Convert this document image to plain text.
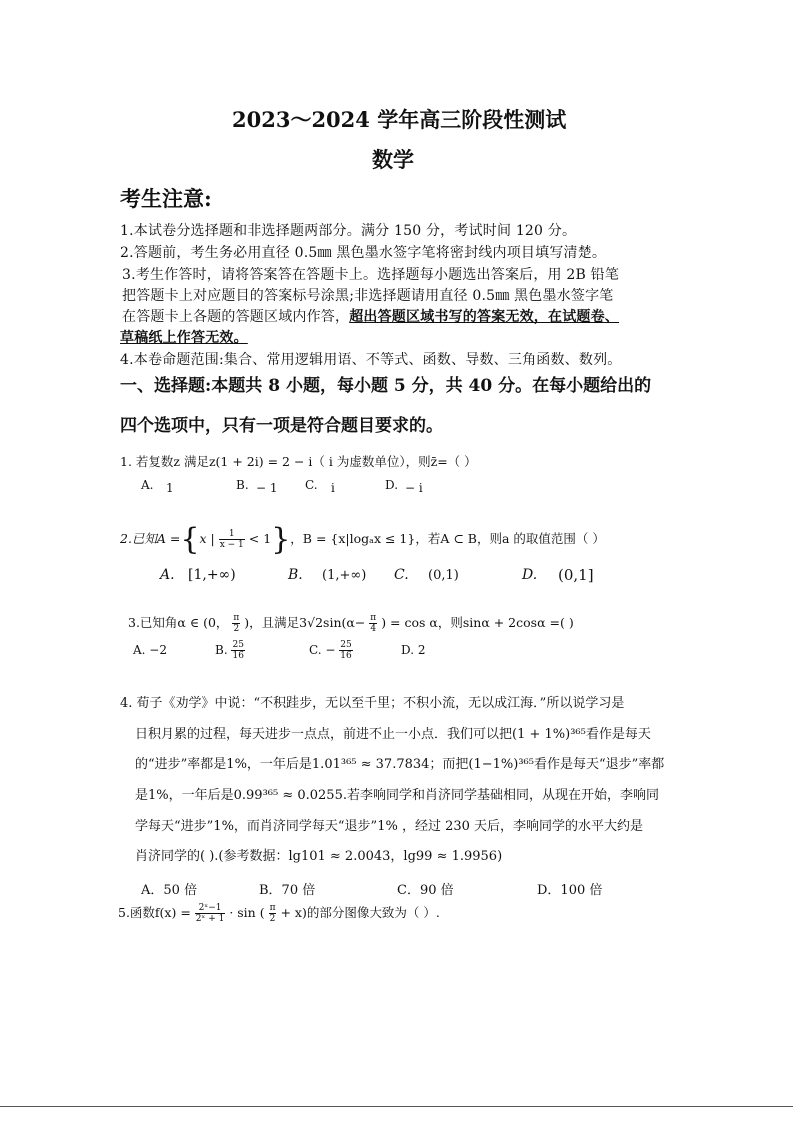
2023～2024 学年高三阶段性测试
数学
考生注意:
1.本试卷分选择题和非选择题两部分。满分 150 分，考试时间 120 分。
2.答题前，考生务必用直径 0.5㎜ 黑色墨水签字笔将密封线内项目填写清楚。
3.考生作答时，请将答案答在答题卡上。选择题每小题选出答案后，用 2B 铅笔
把答题卡上对应题目的答案标号涂黑;非选择题请用直径 0.5㎜ 黑色墨水签字笔
在答题卡上各题的答题区域内作答，超出答题区域书写的答案无效，在试题卷、
草稿纸上作答无效。
4.本卷命题范围:集合、常用逻辑用语、不等式、函数、导数、三角函数、数列。
一、选择题:本题共 8 小题，每小题 5 分，共 40 分。在每小题给出的
四个选项中，只有一项是符合题目要求的。
1. 若复数z 满足z(1 + 2i) = 2 − i（ i 为虚数单位），则z̄=（ ）
A. 1	B. − 1 C. i	D. − i
2.已知A ={x | $\frac{1}{x - 1} < 1$}，B = {x|logₐx ≤ 1}，若A ⊂ B，则a 的取值范围（ ）
A. [1,+∞)	B. (1,+∞) C. (0,1)	D. (0,1]
3.已知角α ∈ (0， $\frac{\pi}{2}$ )，且满足$3√2\sin(\alpha- \frac{\pi}{4}$ ) = cos α，则sinα + 2cosα =( )
A. −2	B. $\frac{25}{16}$	C. − $\frac{25}{16}$	D. 2
4. 荀子《劝学》中说：“不积跬步，无以至千里；不积小流，无以成江海．”所以说学习是
日积月累的过程，每天进步一点点，前进不止一小点．我们可以把(1 + 1%)³⁶⁵看作是每天
的“进步”率都是1%，一年后是1.01³⁶⁵ ≈ 37.7834；而把(1−1%)³⁶⁵看作是每天“退步”率都
是1%，一年后是0.99³⁶⁵ ≈ 0.0255.若李响同学和肖济同学基础相同，从现在开始，李响同
学每天“进步”1%，而肖济同学每天“退步”1% ，经过 230 天后，李响同学的水平大约是
肖济同学的( ).(参考数据：lg101 ≈ 2.0043，lg99 ≈ 1.9956)
A．50 倍	B．70 倍	C．90 倍	D．100 倍
5.函数$f(x) = \frac{\text{2ˣ−1}}{\text{2ˣ + 1}} \cdot \sin$ ( $\frac{\pi}{2} + x$)的部分图像大致为（ ）.
